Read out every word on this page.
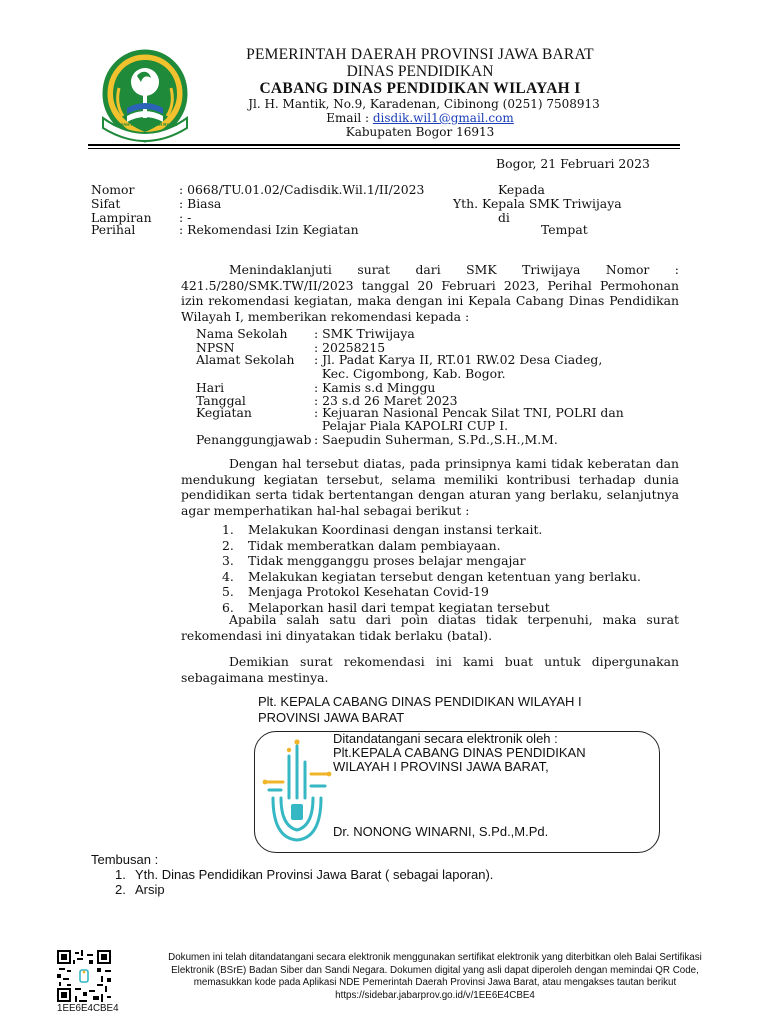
GEMAH RIPAH REPEH RAPIH
PEMERINTAH DAERAH PROVINSI JAWA BARAT
DINAS PENDIDIKAN
CABANG DINAS PENDIDIKAN WILAYAH I
Jl. H. Mantik, No.9, Karadenan, Cibinong (0251) 7508913
Email : disdik.wil1@gmail.com
Kabupaten Bogor 16913
Bogor, 21 Februari 2023
Nomor	: 0668/TU.01.02/Cadisdik.Wil.1/II/2023	Kepada
Sifat	: Biasa	Yth. Kepala SMK Triwijaya
Lampiran : -	di
Perihal	: Rekomendasi Izin Kegiatan	Tempat

Menindaklanjuti surat dari SMK Triwijaya Nomor : 421.5/280/SMK.TW/II/2023 tanggal 20 Februari 2023, Perihal Permohonan izin rekomendasi kegiatan, maka dengan ini Kepala Cabang Dinas Pendidikan Wilayah I, memberikan rekomendasi kepada :

Nama Sekolah : SMK Triwijaya
NPSN	: 20258215
Alamat Sekolah : Jl. Padat Karya II, RT.01 RW.02 Desa Ciadeg,
Kec. Cigombong, Kab. Bogor.
Hari	: Kamis s.d Minggu
Tanggal	: 23 s.d 26 Maret 2023
Kegiatan	: Kejuaran Nasional Pencak Silat TNI, POLRI dan
Pelajar Piala KAPOLRI CUP I.
Penanggungjawab : Saepudin Suherman, S.Pd.,S.H.,M.M.

Dengan hal tersebut diatas, pada prinsipnya kami tidak keberatan dan mendukung kegiatan tersebut, selama memiliki kontribusi terhadap dunia pendidikan serta tidak bertentangan dengan aturan yang berlaku, selanjutnya agar memperhatikan hal-hal sebagai berikut :

1. Melakukan Koordinasi dengan instansi terkait.
2. Tidak memberatkan dalam pembiayaan.
3. Tidak mengganggu proses belajar mengajar
4. Melakukan kegiatan tersebut dengan ketentuan yang berlaku.
5. Menjaga Protokol Kesehatan Covid-19
6. Melaporkan hasil dari tempat kegiatan tersebut

Apabila salah satu dari poin diatas tidak terpenuhi, maka surat rekomendasi ini dinyatakan tidak berlaku (batal).

Demikian surat rekomendasi ini kami buat untuk dipergunakan sebagaimana mestinya.

Plt. KEPALA CABANG DINAS PENDIDIKAN WILAYAH I
PROVINSI JAWA BARAT
Ditandatangani secara elektronik oleh :
Plt.KEPALA CABANG DINAS PENDIDIKAN
WILAYAH I PROVINSI JAWA BARAT,
Dr. NONONG WINARNI, S.Pd.,M.Pd.
Tembusan :
1. Yth. Dinas Pendidikan Provinsi Jawa Barat ( sebagai laporan).
2. Arsip
1EE6E4CBE4
Dokumen ini telah ditandatangani secara elektronik menggunakan sertifikat elektronik yang diterbitkan oleh Balai Sertifikasi
Elektronik (BSrE) Badan Siber dan Sandi Negara. Dokumen digital yang asli dapat diperoleh dengan memindai QR Code,
memasukkan kode pada Aplikasi NDE Pemerintah Daerah Provinsi Jawa Barat, atau mengakses tautan berikut
https://sidebar.jabarprov.go.id/v/1EE6E4CBE4
